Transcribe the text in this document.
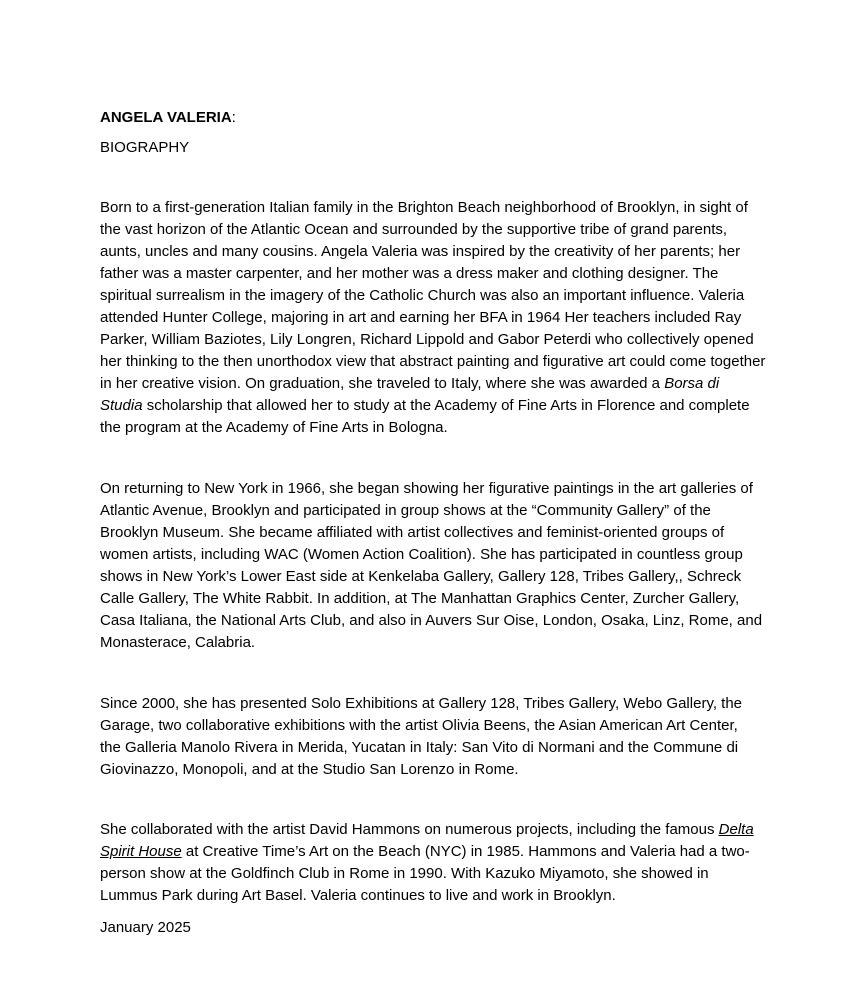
ANGELA VALERIA:
BIOGRAPHY
Born to a first-generation Italian family in the Brighton Beach neighborhood of Brooklyn, in sight of
the vast horizon of the Atlantic Ocean and surrounded by the supportive tribe of grand parents,
aunts, uncles and many cousins. Angela Valeria was inspired by the creativity of her parents; her
father was a master carpenter, and her mother was a dress maker and clothing designer. The
spiritual surrealism in the imagery of the Catholic Church was also an important influence. Valeria
attended Hunter College, majoring in art and earning her BFA in 1964 Her teachers included Ray
Parker, William Baziotes, Lily Longren, Richard Lippold and Gabor Peterdi who collectively opened
her thinking to the then unorthodox view that abstract painting and figurative art could come together
in her creative vision. On graduation, she traveled to Italy, where she was awarded a Borsa di
Studia scholarship that allowed her to study at the Academy of Fine Arts in Florence and complete
the program at the Academy of Fine Arts in Bologna.
On returning to New York in 1966, she began showing her figurative paintings in the art galleries of
Atlantic Avenue, Brooklyn and participated in group shows at the “Community Gallery” of the
Brooklyn Museum. She became affiliated with artist collectives and feminist-oriented groups of
women artists, including WAC (Women Action Coalition). She has participated in countless group
shows in New York’s Lower East side at Kenkelaba Gallery, Gallery 128, Tribes Gallery,, Schreck
Calle Gallery, The White Rabbit. In addition, at The Manhattan Graphics Center, Zurcher Gallery,
Casa Italiana, the National Arts Club, and also in Auvers Sur Oise, London, Osaka, Linz, Rome, and
Monasterace, Calabria.
Since 2000, she has presented Solo Exhibitions at Gallery 128, Tribes Gallery, Webo Gallery, the
Garage, two collaborative exhibitions with the artist Olivia Beens, the Asian American Art Center,
the Galleria Manolo Rivera in Merida, Yucatan in Italy: San Vito di Normani and the Commune di
Giovinazzo, Monopoli, and at the Studio San Lorenzo in Rome.
She collaborated with the artist David Hammons on numerous projects, including the famous Delta
Spirit House at Creative Time’s Art on the Beach (NYC) in 1985. Hammons and Valeria had a two-
person show at the Goldfinch Club in Rome in 1990. With Kazuko Miyamoto, she showed in
Lummus Park during Art Basel. Valeria continues to live and work in Brooklyn.
January 2025
